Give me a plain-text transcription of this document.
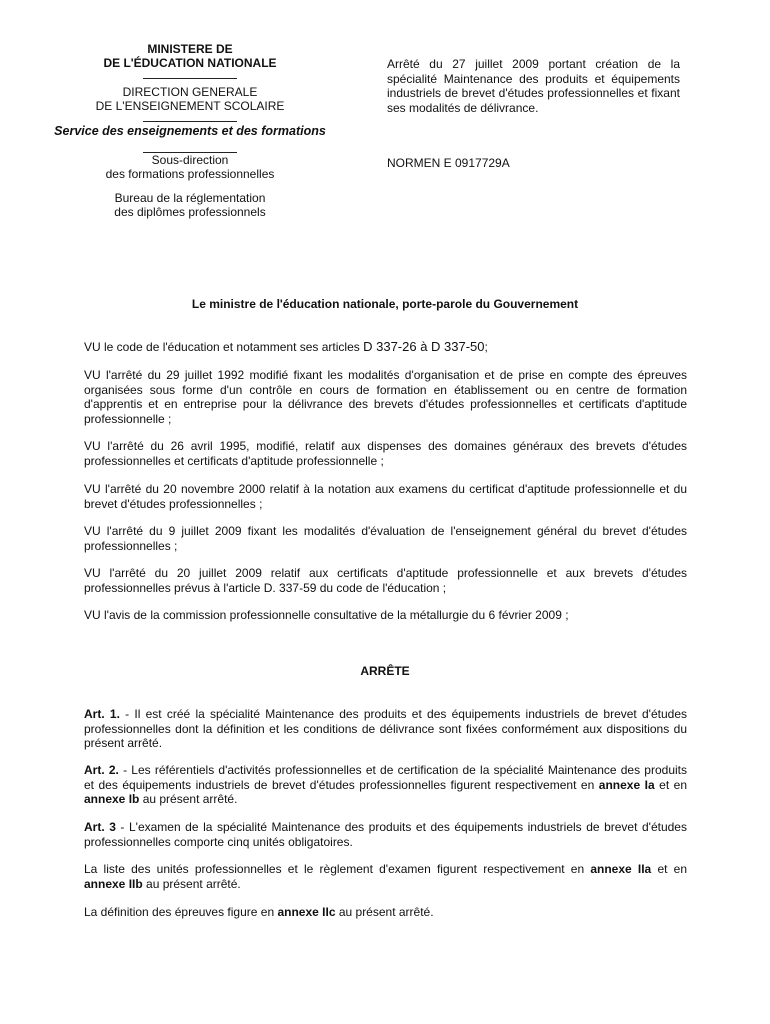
MINISTERE DE
DE L'ÉDUCATION NATIONALE
DIRECTION GENERALE
DE L'ENSEIGNEMENT SCOLAIRE
Service des enseignements et des formations
Sous-direction
des formations professionnelles
Bureau de la réglementation
des diplômes professionnels
Arrêté du 27 juillet 2009 portant création de la spécialité Maintenance des produits et équipements industriels de brevet d'études professionnelles et fixant ses modalités de délivrance.
NORMEN E 0917729A
Le ministre de l'éducation nationale, porte-parole du Gouvernement
VU le code de l'éducation et notamment ses articles D 337-26 à D 337-50;
VU l'arrêté du 29 juillet 1992 modifié fixant les modalités d'organisation et de prise en compte des épreuves organisées sous forme d'un contrôle en cours de formation en établissement ou en centre de formation d'apprentis et en entreprise pour la délivrance des brevets d'études professionnelles et certificats d'aptitude professionnelle ;
VU l'arrêté du 26 avril 1995, modifié, relatif aux dispenses des domaines généraux des brevets d'études professionnelles et certificats d'aptitude professionnelle ;
VU l'arrêté du 20 novembre 2000 relatif à la notation aux examens du certificat d'aptitude professionnelle et du brevet d'études professionnelles ;
VU l'arrêté du 9 juillet 2009 fixant les modalités d'évaluation de l'enseignement général du brevet d'études professionnelles ;
VU l'arrêté du 20 juillet 2009 relatif aux certificats d'aptitude professionnelle et aux brevets d'études professionnelles prévus à l'article D. 337-59 du code de l'éducation ;
VU l'avis de la commission professionnelle consultative de la métallurgie du 6 février 2009 ;
ARRÊTE
Art. 1. - Il est créé la spécialité Maintenance des produits et des équipements industriels de brevet d'études professionnelles dont la définition et les conditions de délivrance sont fixées conformément aux dispositions du présent arrêté.
Art. 2. - Les référentiels d'activités professionnelles et de certification de la spécialité Maintenance des produits et des équipements industriels de brevet d'études professionnelles figurent respectivement en annexe Ia et en annexe Ib au présent arrêté.
Art. 3 - L'examen de la spécialité Maintenance des produits et des équipements industriels de brevet d'études professionnelles comporte cinq unités obligatoires.
La liste des unités professionnelles et le règlement d'examen figurent respectivement en annexe IIa et en annexe IIb au présent arrêté.
La définition des épreuves figure en annexe IIc au présent arrêté.
